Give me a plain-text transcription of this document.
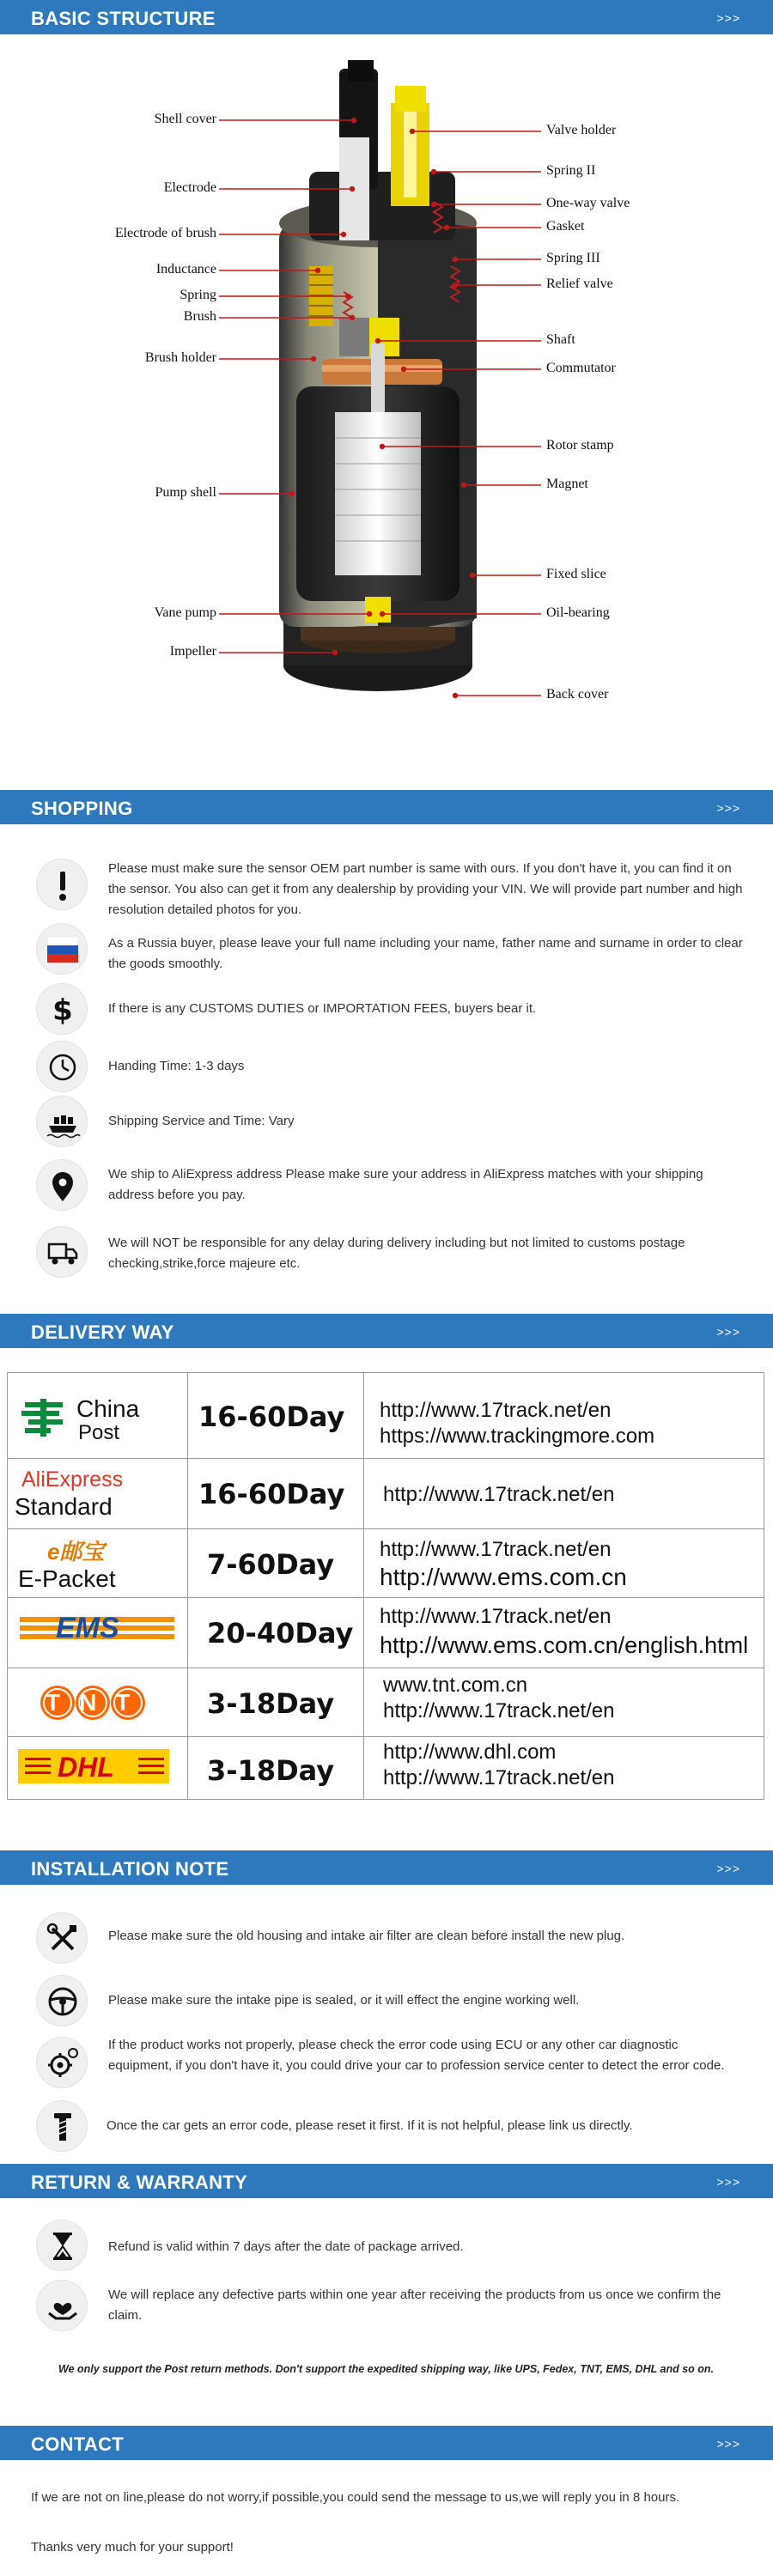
BASIC STRUCTURE	>>>
Shell cover
Electrode
Electrode of brush
Inductance
Spring
Brush
Brush holder
Pump shell
Vane pump
Impeller
Valve holder
Spring II
One-way valve
Gasket
Spring III
Relief valve
Shaft
Commutator
Rotor stamp
Magnet
Fixed slice
Oil-bearing
Back cover
SHOPPING	>>>
Please must make sure the sensor OEM part number is same with ours. If you don't have it, you can find it on the sensor. You also can get it from any dealership by providing your VIN. We will provide part number and high resolution detailed photos for you.
As a Russia buyer, please leave your full name including your name, father name and surname in order to clear the goods smoothly.
$	If there is any CUSTOMS DUTIES or IMPORTATION FEES, buyers bear it.
Handing Time: 1-3 days
Shipping Service and Time: Vary
We ship to AliExpress address Please make sure your address in AliExpress matches with your shipping address before you pay.
We will NOT be responsible for any delay during delivery including but not limited to customs postage checking,strike,force majeure etc.
DELIVERY WAY	>>>
China
Post	16-60Day http://www.17track.net/en
https://www.trackingmore.com
AliExpress
Standard	16-60Day http://www.17track.net/en
e邮宝
E-Packet	7-60Day http://www.17track.net/en
http://www.ems.com.cn
EMS	20-40Day
http://www.17track.net/en
http://www.ems.com.cn/english.html
TNT 3-18Day
www.tnt.com.cn
http://www.17track.net/en
DHL	3-18Day
http://www.dhl.com
http://www.17track.net/en
INSTALLATION NOTE	>>>
Please make sure the old housing and intake air filter are clean before install the new plug.
Please make sure the intake pipe is sealed, or it will effect the engine working well.
If the product works not properly, please check the error code using ECU or any other car diagnostic equipment, if you don't have it, you could drive your car to profession service center to detect the error code.
Once the car gets an error code, please reset it first. If it is not helpful, please link us directly.
RETURN & WARRANTY	>>>
Refund is valid within 7 days after the date of package arrived.
We will replace any defective parts within one year after receiving the products from us once we confirm the claim.
We only support the Post return methods. Don't support the expedited shipping way, like UPS, Fedex, TNT, EMS, DHL and so on.
CONTACT	>>>
If we are not on line,please do not worry,if possible,you could send the message to us,we will reply you in 8 hours.
Thanks very much for your support!
